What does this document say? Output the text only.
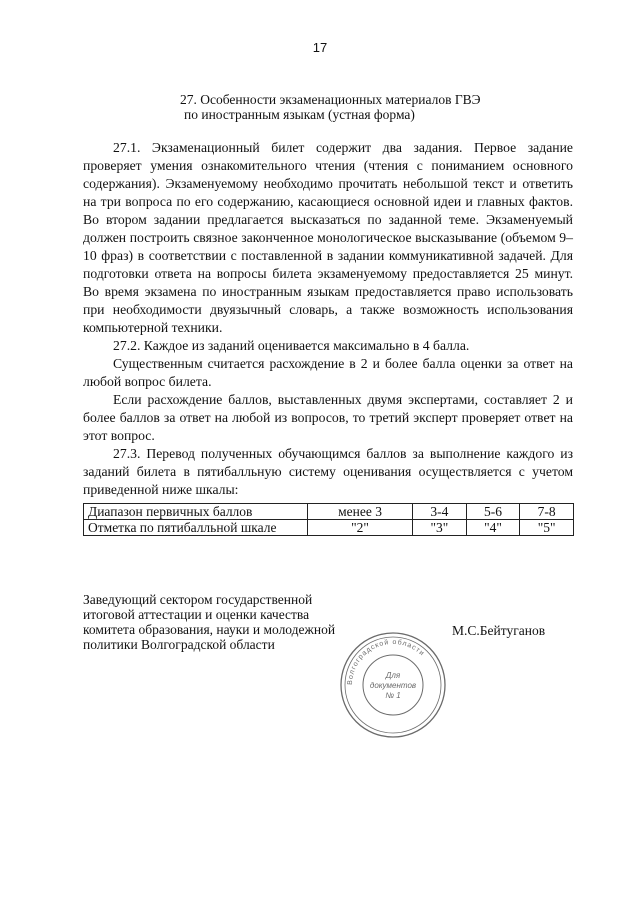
17
27. Особенности экзаменационных материалов ГВЭ
по иностранным языкам (устная форма)

27.1. Экзаменационный билет содержит два задания. Первое задание проверяет умения ознакомительного чтения (чтения с пониманием основного содержания). Экзаменуемому необходимо прочитать небольшой текст и ответить на три вопроса по его содержанию, касающиеся основной идеи и главных фактов. Во втором задании предлагается высказаться по заданной теме. Экзаменуемый должен построить связное законченное монологическое высказывание (объемом 9–10 фраз) в соответствии с поставленной в задании коммуникативной задачей. Для подготовки ответа на вопросы билета экзаменуемому предоставляется 25 минут. Во время экзамена по иностранным языкам предоставляется право использовать при необходимости двуязычный словарь, а также возможность использования компьютерной техники.

27.2. Каждое из заданий оценивается максимально в 4 балла.

Существенным считается расхождение в 2 и более балла оценки за ответ на любой вопрос билета.

Если расхождение баллов, выставленных двумя экспертами, составляет 2 и более баллов за ответ на любой из вопросов, то третий эксперт проверяет ответ на этот вопрос.

27.3. Перевод полученных обучающимся баллов за выполнение каждого из заданий билета в пятибалльную систему оценивания осуществляется с учетом приведенной ниже шкалы:

Диапазон первичных баллов	менее 3	3-4	5-6	7-8
Отметка по пятибалльной шкале	"2"	"3"	"4"	"5"
Заведующий сектором государственной
итоговой аттестации и оценки качества
комитета образования, науки и молодежной
политики Волгоградской области
М.С.Бейтуганов
Волгоградской области
Для
документов
№ 1
